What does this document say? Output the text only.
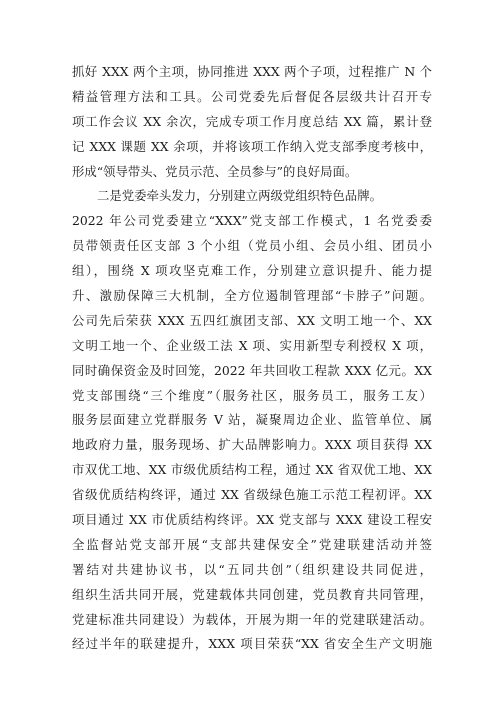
抓好 XXX 两个主项，协同推进 XXX 两个子项，过程推广 N 个
精益管理方法和工具。公司党委先后督促各层级共计召开专
项工作会议 XX 余次，完成专项工作月度总结 XX 篇，累计登
记 XXX 课题 XX 余项，并将该项工作纳入党支部季度考核中，
形成“领导带头、党员示范、全员参与”的良好局面。
二是党委牵头发力，分别建立两级党组织特色品牌。
2022 年公司党委建立“XXX”党支部工作模式，1 名党委委
员带领责任区支部 3 个小组（党员小组、会员小组、团员小
组），围绕 X 项攻坚克难工作，分别建立意识提升、能力提
升、激励保障三大机制，全方位遏制管理部“卡脖子”问题。
公司先后荣获 XXX 五四红旗团支部、XX 文明工地一个、XX
文明工地一个、企业级工法 X 项、实用新型专利授权 X 项，
同时确保资金及时回笼，2022 年共回收工程款 XXX 亿元。XX
党支部围绕“三个维度”（服务社区，服务员工，服务工友）
服务层面建立党群服务 V 站，凝聚周边企业、监管单位、属
地政府力量，服务现场、扩大品牌影响力。XXX 项目获得 XX
市双优工地、XX 市级优质结构工程，通过 XX 省双优工地、XX
省级优质结构终评，通过 XX 省级绿色施工示范工程初评。XX
项目通过 XX 市优质结构终评。XX 党支部与 XXX 建设工程安
全监督站党支部开展“支部共建保安全”党建联建活动并签
署结对共建协议书，以“五同共创”（组织建设共同促进，
组织生活共同开展，党建载体共同创建，党员教育共同管理，
党建标准共同建设）为载体，开展为期一年的党建联建活动。
经过半年的联建提升，XXX 项目荣获“XX 省安全生产文明施
